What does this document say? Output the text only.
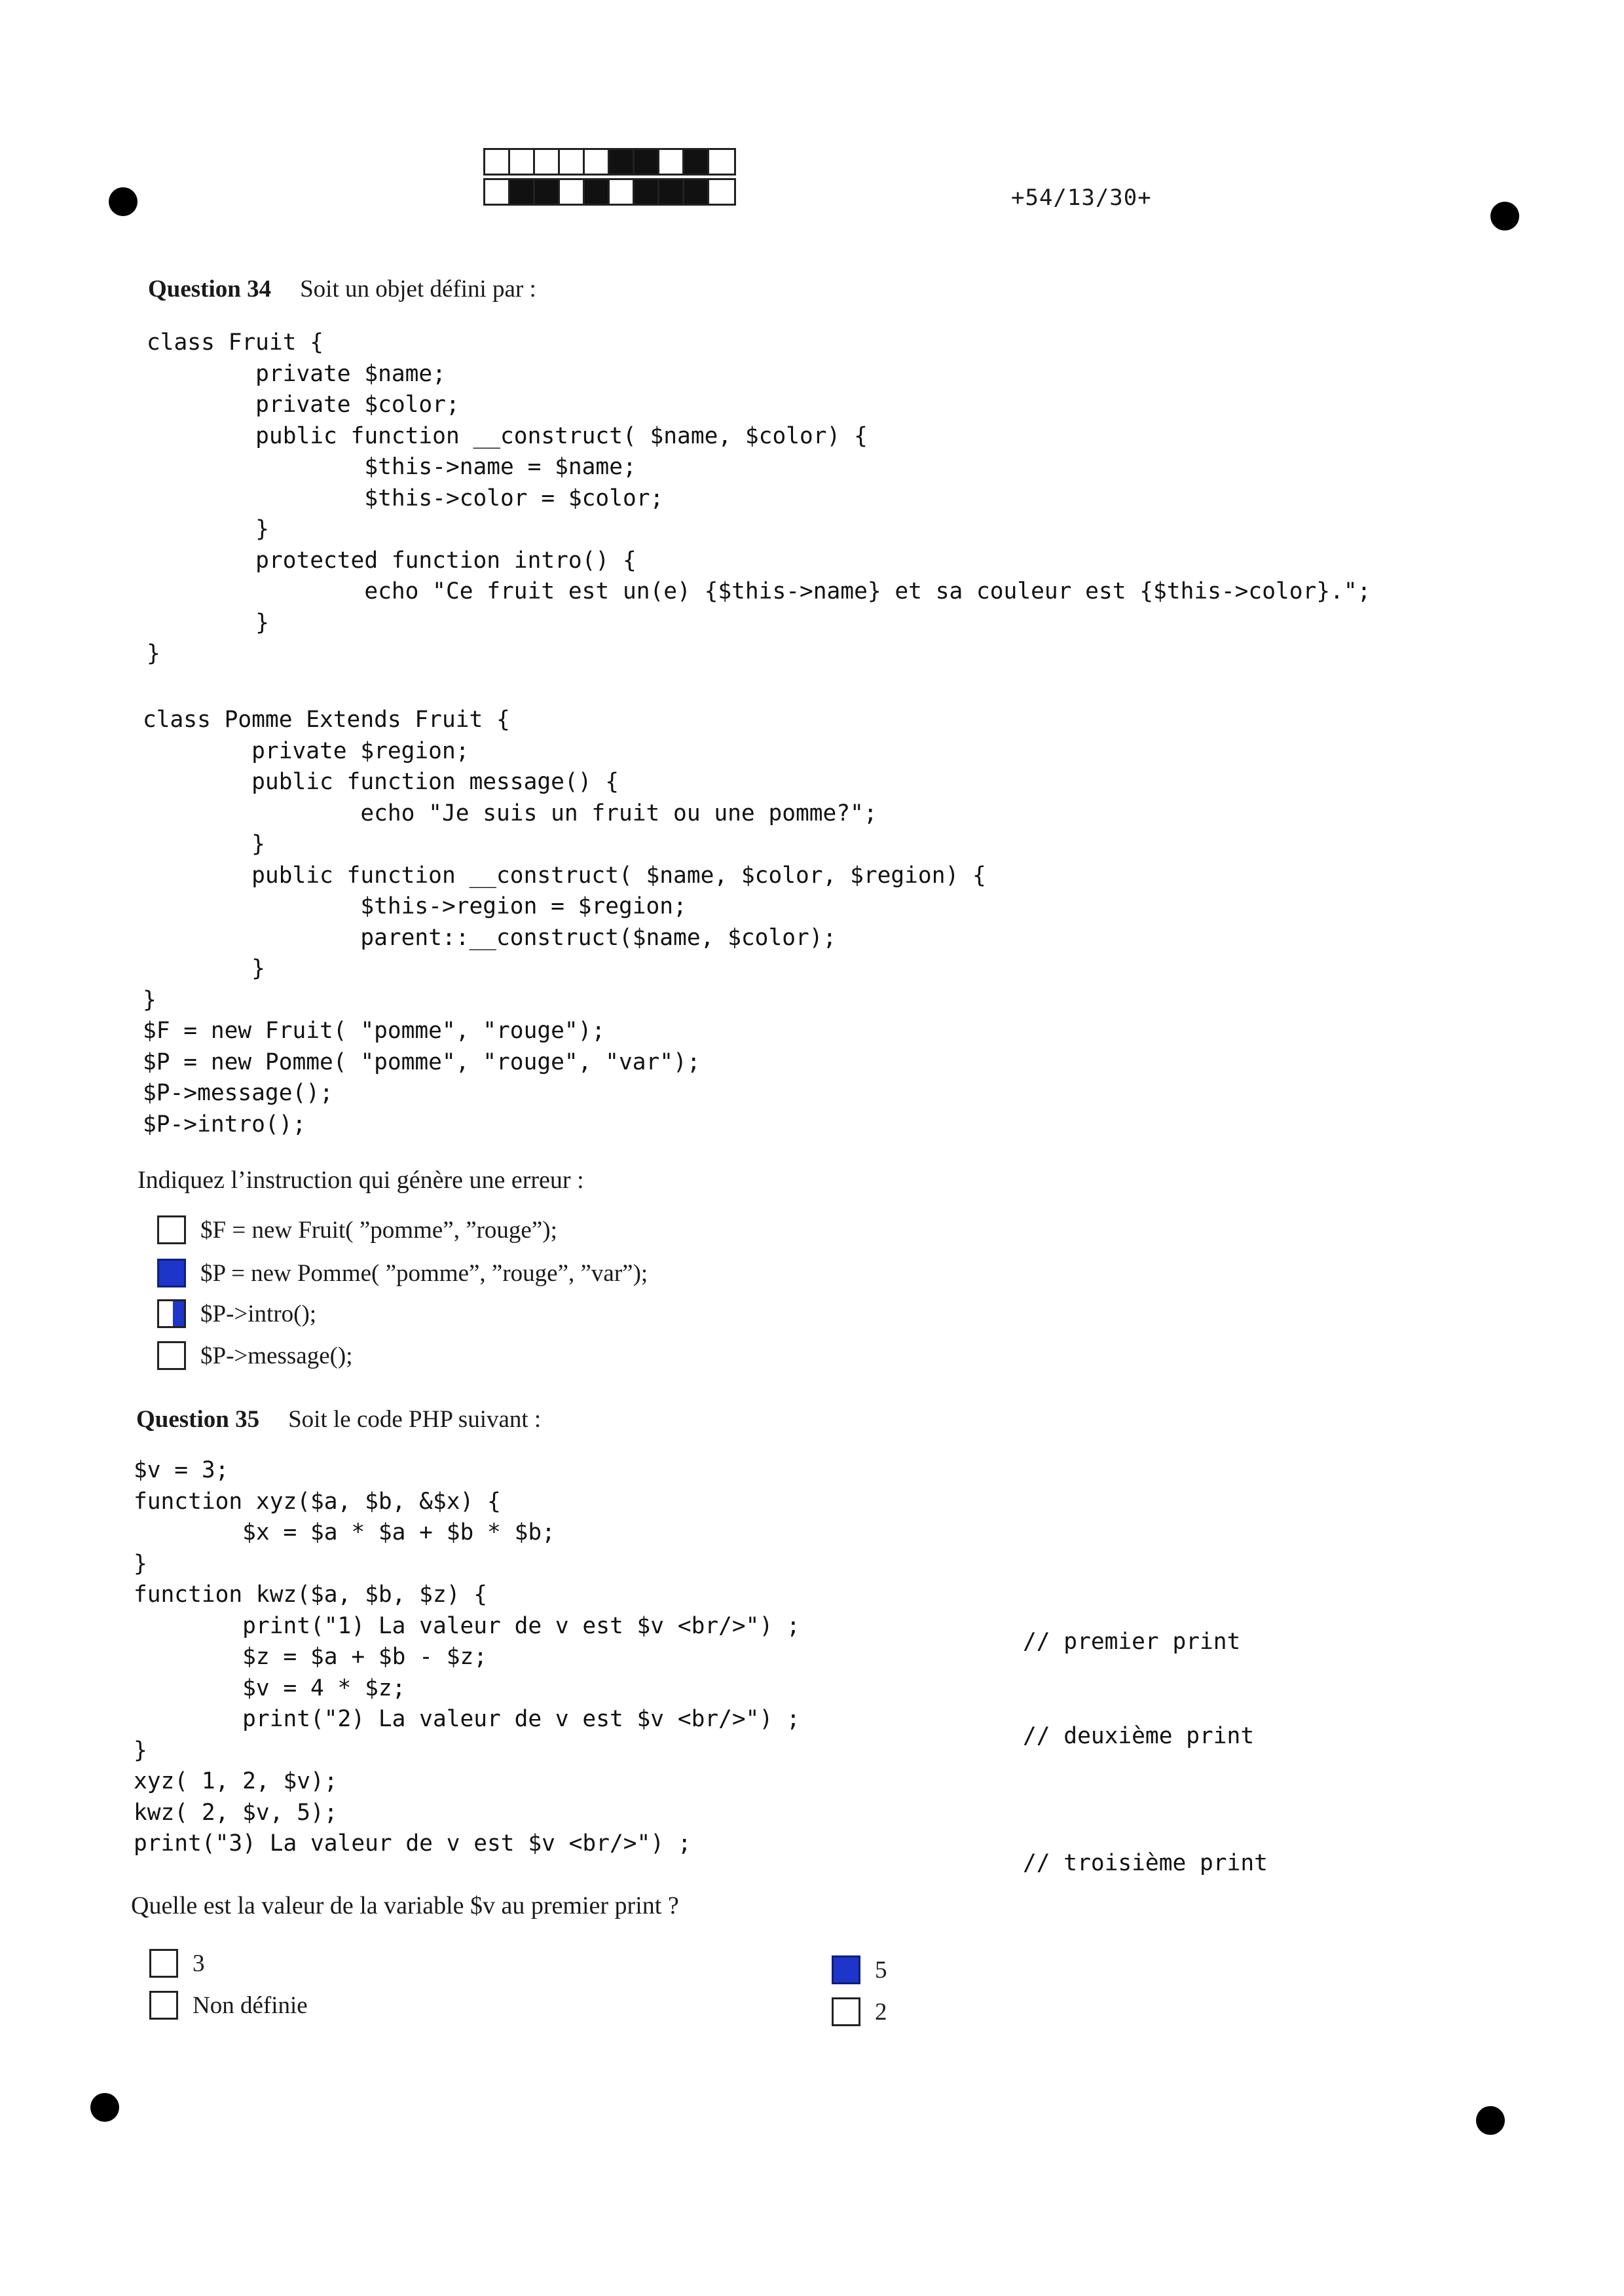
+54/13/30+
Question 34 Soit un objet défini par :
class Fruit {
private $name;
private $color;
public function __construct( $name, $color) {
$this->name = $name;
$this->color = $color;
}
protected function intro() {
echo "Ce fruit est un(e) {$this->name} et sa couleur est {$this->color}.";
}
}
class Pomme Extends Fruit {
private $region;
public function message() {
echo "Je suis un fruit ou une pomme?";
}
public function __construct( $name, $color, $region) {
$this->region = $region;
parent::__construct($name, $color);
}
}
$F = new Fruit( "pomme", "rouge");
$P = new Pomme( "pomme", "rouge", "var");
$P->message();
$P->intro();
Indiquez l’instruction qui génère une erreur :
$F = new Fruit( ”pomme”, ”rouge”);
$P = new Pomme( ”pomme”, ”rouge”, ”var”);
$P->intro();
$P->message();
Question 35 Soit le code PHP suivant :
$v = 3;
function xyz($a, $b, &$x) {
$x = $a * $a + $b * $b;
}
function kwz($a, $b, $z) {
print("1) La valeur de v est $v <br/>") ;
$z = $a + $b - $z;
$v = 4 * $z;
print("2) La valeur de v est $v <br/>") ;
}
xyz( 1, 2, $v);
kwz( 2, $v, 5);
print("3) La valeur de v est $v <br/>") ;
// premier print
// deuxième print
// troisième print
Quelle est la valeur de la variable $v au premier print ?
3
Non définie
5
2
